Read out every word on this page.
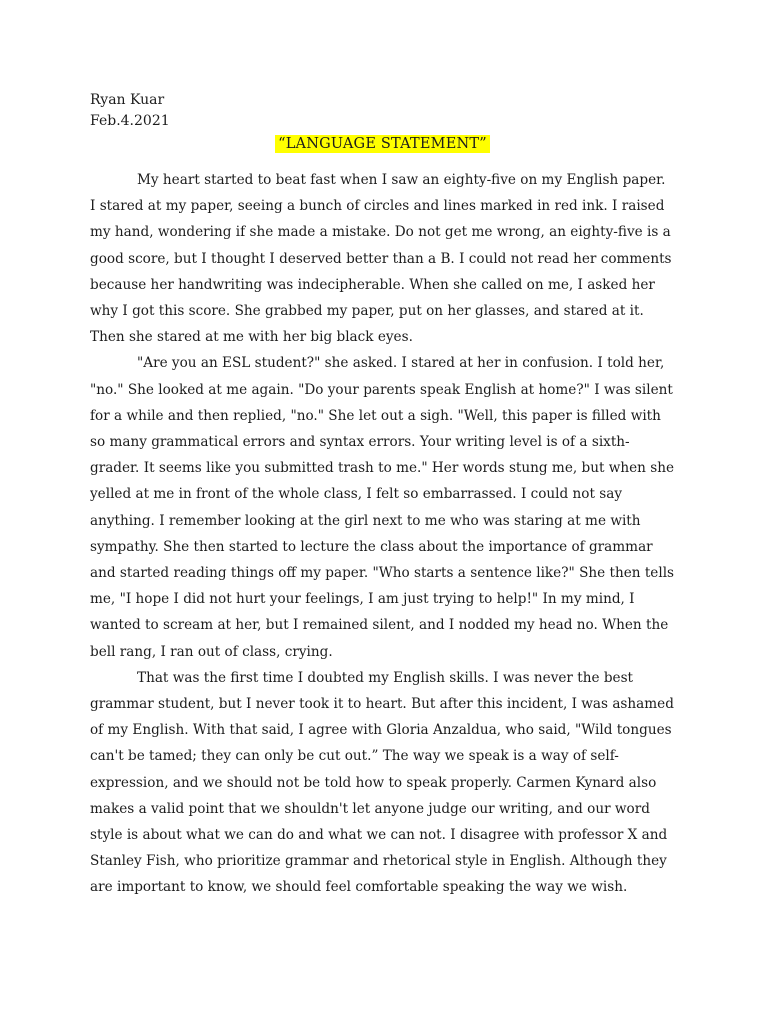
Ryan Kuar

Feb.4.2021

“LANGUAGE STATEMENT”

My heart started to beat fast when I saw an eighty-five on my English paper. I stared at my paper, seeing a bunch of circles and lines marked in red ink. I raised my hand, wondering if she made a mistake. Do not get me wrong, an eighty-five is a good score, but I thought I deserved better than a B. I could not read her comments because her handwriting was indecipherable. When she called on me, I asked her why I got this score. She grabbed my paper, put on her glasses, and stared at it. Then she stared at me with her big black eyes.

"Are you an ESL student?" she asked. I stared at her in confusion. I told her, "no." She looked at me again. "Do your parents speak English at home?" I was silent for a while and then replied, "no." She let out a sigh. "Well, this paper is filled with so many grammatical errors and syntax errors. Your writing level is of a sixth-grader. It seems like you submitted trash to me." Her words stung me, but when she yelled at me in front of the whole class, I felt so embarrassed. I could not say anything. I remember looking at the girl next to me who was staring at me with sympathy. She then started to lecture the class about the importance of grammar and started reading things off my paper. "Who starts a sentence like?" She then tells me, "I hope I did not hurt your feelings, I am just trying to help!" In my mind, I wanted to scream at her, but I remained silent, and I nodded my head no. When the bell rang, I ran out of class, crying.

That was the first time I doubted my English skills. I was never the best grammar student, but I never took it to heart. But after this incident, I was ashamed of my English. With that said, I agree with Gloria Anzaldua, who said, "Wild tongues can't be tamed; they can only be cut out.” The way we speak is a way of self-expression, and we should not be told how to speak properly. Carmen Kynard also makes a valid point that we shouldn't let anyone judge our writing, and our word style is about what we can do and what we can not. I disagree with professor X and Stanley Fish, who prioritize grammar and rhetorical style in English. Although they are important to know, we should feel comfortable speaking the way we wish.
